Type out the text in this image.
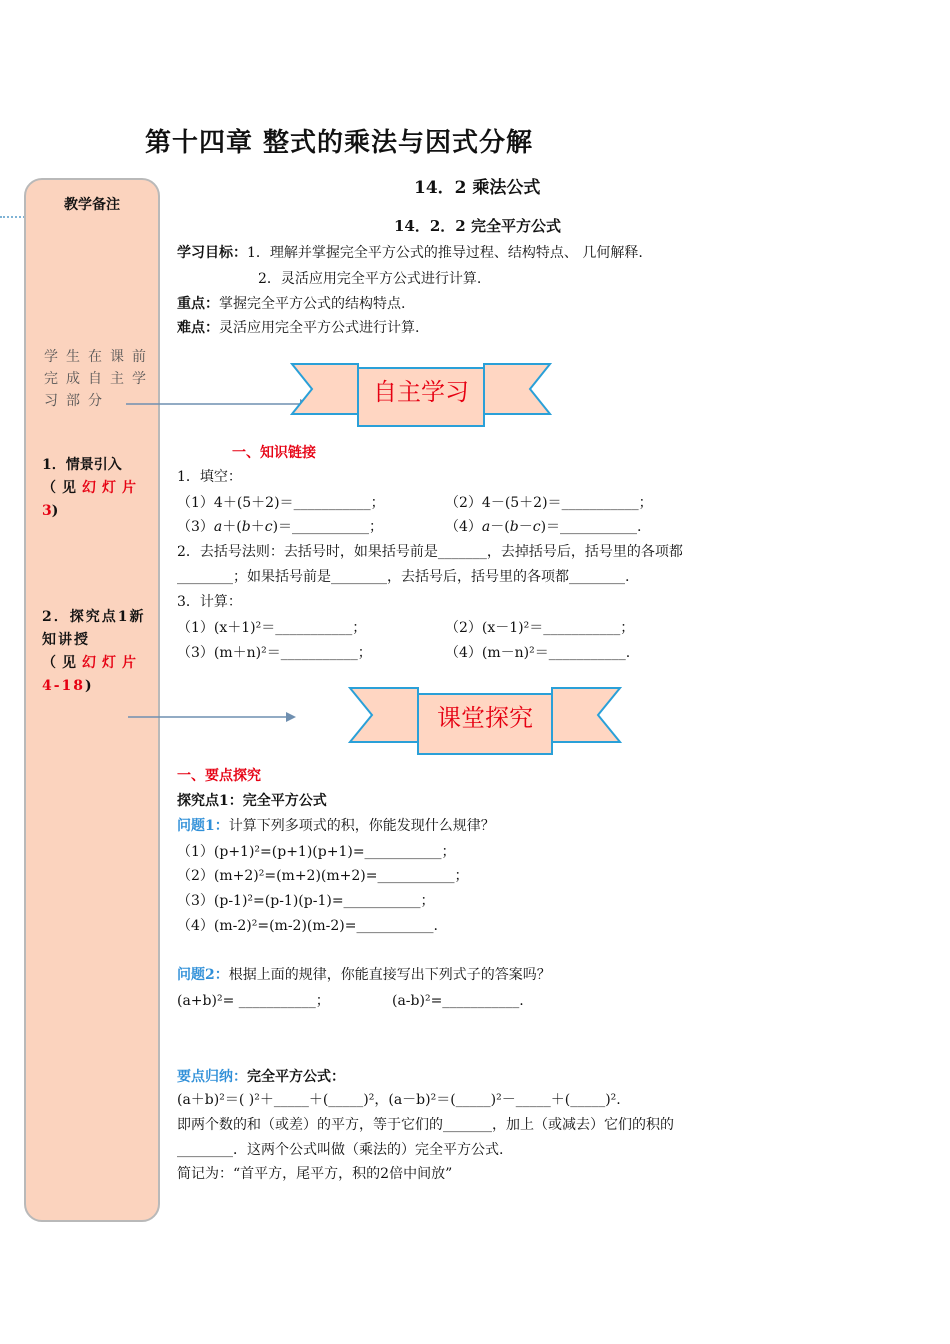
第十四章 整式的乘法与因式分解
教学备注
学生在课前完成自主学习部分
1．情景引入
（见幻灯片
3)
2．探究点1新知讲授
（见幻灯片
4-18)
14．2 乘法公式
14．2．2 完全平方公式
学习目标：1．理解并掌握完全平方公式的推导过程、结构特点、 几何解释.
2．灵活应用完全平方公式进行计算.
重点：掌握完全平方公式的结构特点.
难点：灵活应用完全平方公式进行计算.
自主学习
一、知识链接
1．填空：
（1）4＋(5＋2)＝___________；	（2）4－(5＋2)＝___________；
（3）a＋(b＋c)＝___________；	（4）a－(b－c)＝___________.
2．去括号法则：去括号时，如果括号前是_______，去掉括号后，括号里的各项都
________；如果括号前是________，去括号后，括号里的各项都________.
3．计算：
（1）(x＋1)²＝___________；	（2）(x－1)²＝___________；
（3）(m＋n)²＝___________；	（4）(m－n)²＝___________.
课堂探究
一、要点探究
探究点1：完全平方公式
问题1：计算下列多项式的积，你能发现什么规律？
（1）(p+1)²=(p+1)(p+1)=___________；
（2）(m+2)²=(m+2)(m+2)=___________；
（3）(p-1)²=(p-1)(p-1)=___________；
（4）(m-2)²=(m-2)(m-2)=___________.
问题2：根据上面的规律，你能直接写出下列式子的答案吗？
(a+b)²= ___________；	(a-b)²=___________.
要点归纳：完全平方公式：
(a＋b)²＝( )²＋_____＋(_____)²，(a－b)²＝(_____)²－_____＋(_____)².
即两个数的和（或差）的平方，等于它们的_______，加上（或减去）它们的积的
________．这两个公式叫做（乘法的）完全平方公式.
简记为：“首平方，尾平方，积的2倍中间放”
